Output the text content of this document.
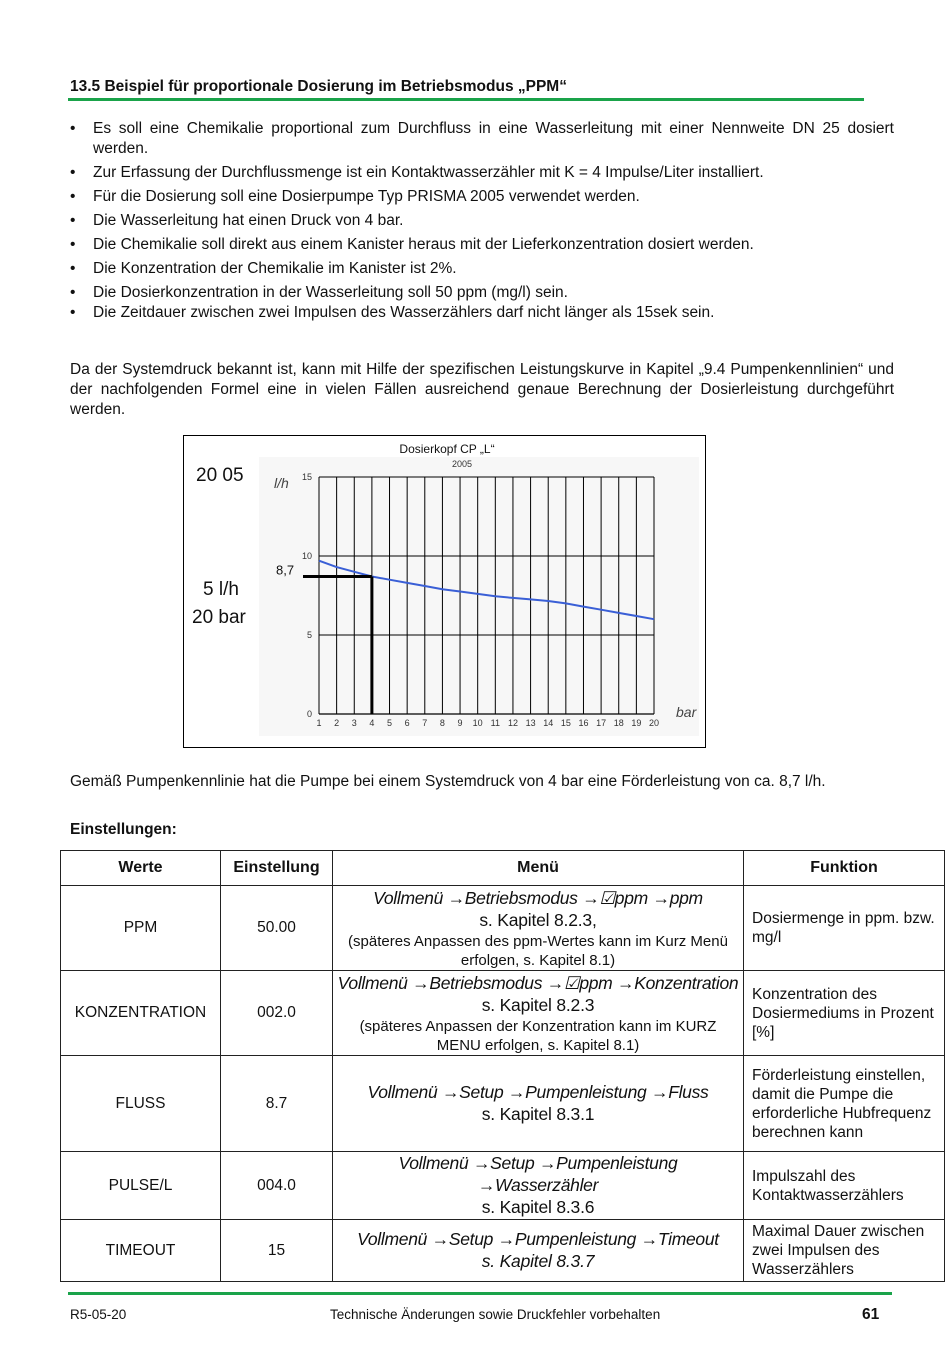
13.5 Beispiel für proportionale Dosierung im Betriebsmodus „PPM“
• Es soll eine Chemikalie proportional zum Durchfluss in eine Wasserleitung mit einer Nennweite DN 25 dosiert werden.
• Zur Erfassung der Durchflussmenge ist ein Kontaktwasserzähler mit K = 4 Impulse/Liter installiert.
• Für die Dosierung soll eine Dosierpumpe Typ PRISMA 2005 verwendet werden.
• Die Wasserleitung hat einen Druck von 4 bar.
• Die Chemikalie soll direkt aus einem Kanister heraus mit der Lieferkonzentration dosiert werden.
• Die Konzentration der Chemikalie im Kanister ist 2%.
• Die Dosierkonzentration in der Wasserleitung soll 50 ppm (mg/l) sein.
• Die Zeitdauer zwischen zwei Impulsen des Wasserzählers darf nicht länger als 15sek sein.
Da der Systemdruck bekannt ist, kann mit Hilfe der spezifischen Leistungskurve in Kapitel „9.4 Pumpenkennlinien“ und der nachfolgenden Formel eine in vielen Fällen ausreichend genaue Berechnung der Dosierleistung durchgeführt werden.
0
5
10
15
1 2 3 4 5 6 7 8 9 10 11 12 13 14 15 16 17 18 19 20
Dosierkopf CP „L“
2005
l/h
bar
20 05
5 l/h
20 bar
8,7
Gemäß Pumpenkennlinie hat die Pumpe bei einem Systemdruck von 4 bar eine Förderleistung von ca. 8,7 l/h.
Einstellungen:
Werte	Einstellung	Menü	Funktion
PPM	50.00	Vollmenü →Betriebsmodus →☑ppm →ppm
s. Kapitel 8.2.3,
(späteres Anpassen des ppm-Wertes kann im Kurz Menü erfolgen, s. Kapitel 8.1)	Dosiermenge in ppm. bzw. mg/l
KONZENTRATION	002.0	Vollmenü →Betriebsmodus →☑ppm →Konzentration
s. Kapitel 8.2.3
(späteres Anpassen der Konzentration kann im KURZ MENU erfolgen, s. Kapitel 8.1)	Konzentration des Dosiermediums in Prozent [%]
FLUSS	8.7	Vollmenü →Setup →Pumpenleistung →Fluss
s. Kapitel 8.3.1	Förderleistung einstellen, damit die Pumpe die erforderliche Hubfrequenz berechnen kann
PULSE/L	004.0	Vollmenü →Setup →Pumpenleistung →Wasserzähler
s. Kapitel 8.3.6	Impulszahl des Kontaktwasserzählers
TIMEOUT	15	Vollmenü →Setup →Pumpenleistung →Timeout
s. Kapitel 8.3.7	Maximal Dauer zwischen zwei Impulsen des Wasserzählers
R5-05-20	Technische Änderungen sowie Druckfehler vorbehalten	61
